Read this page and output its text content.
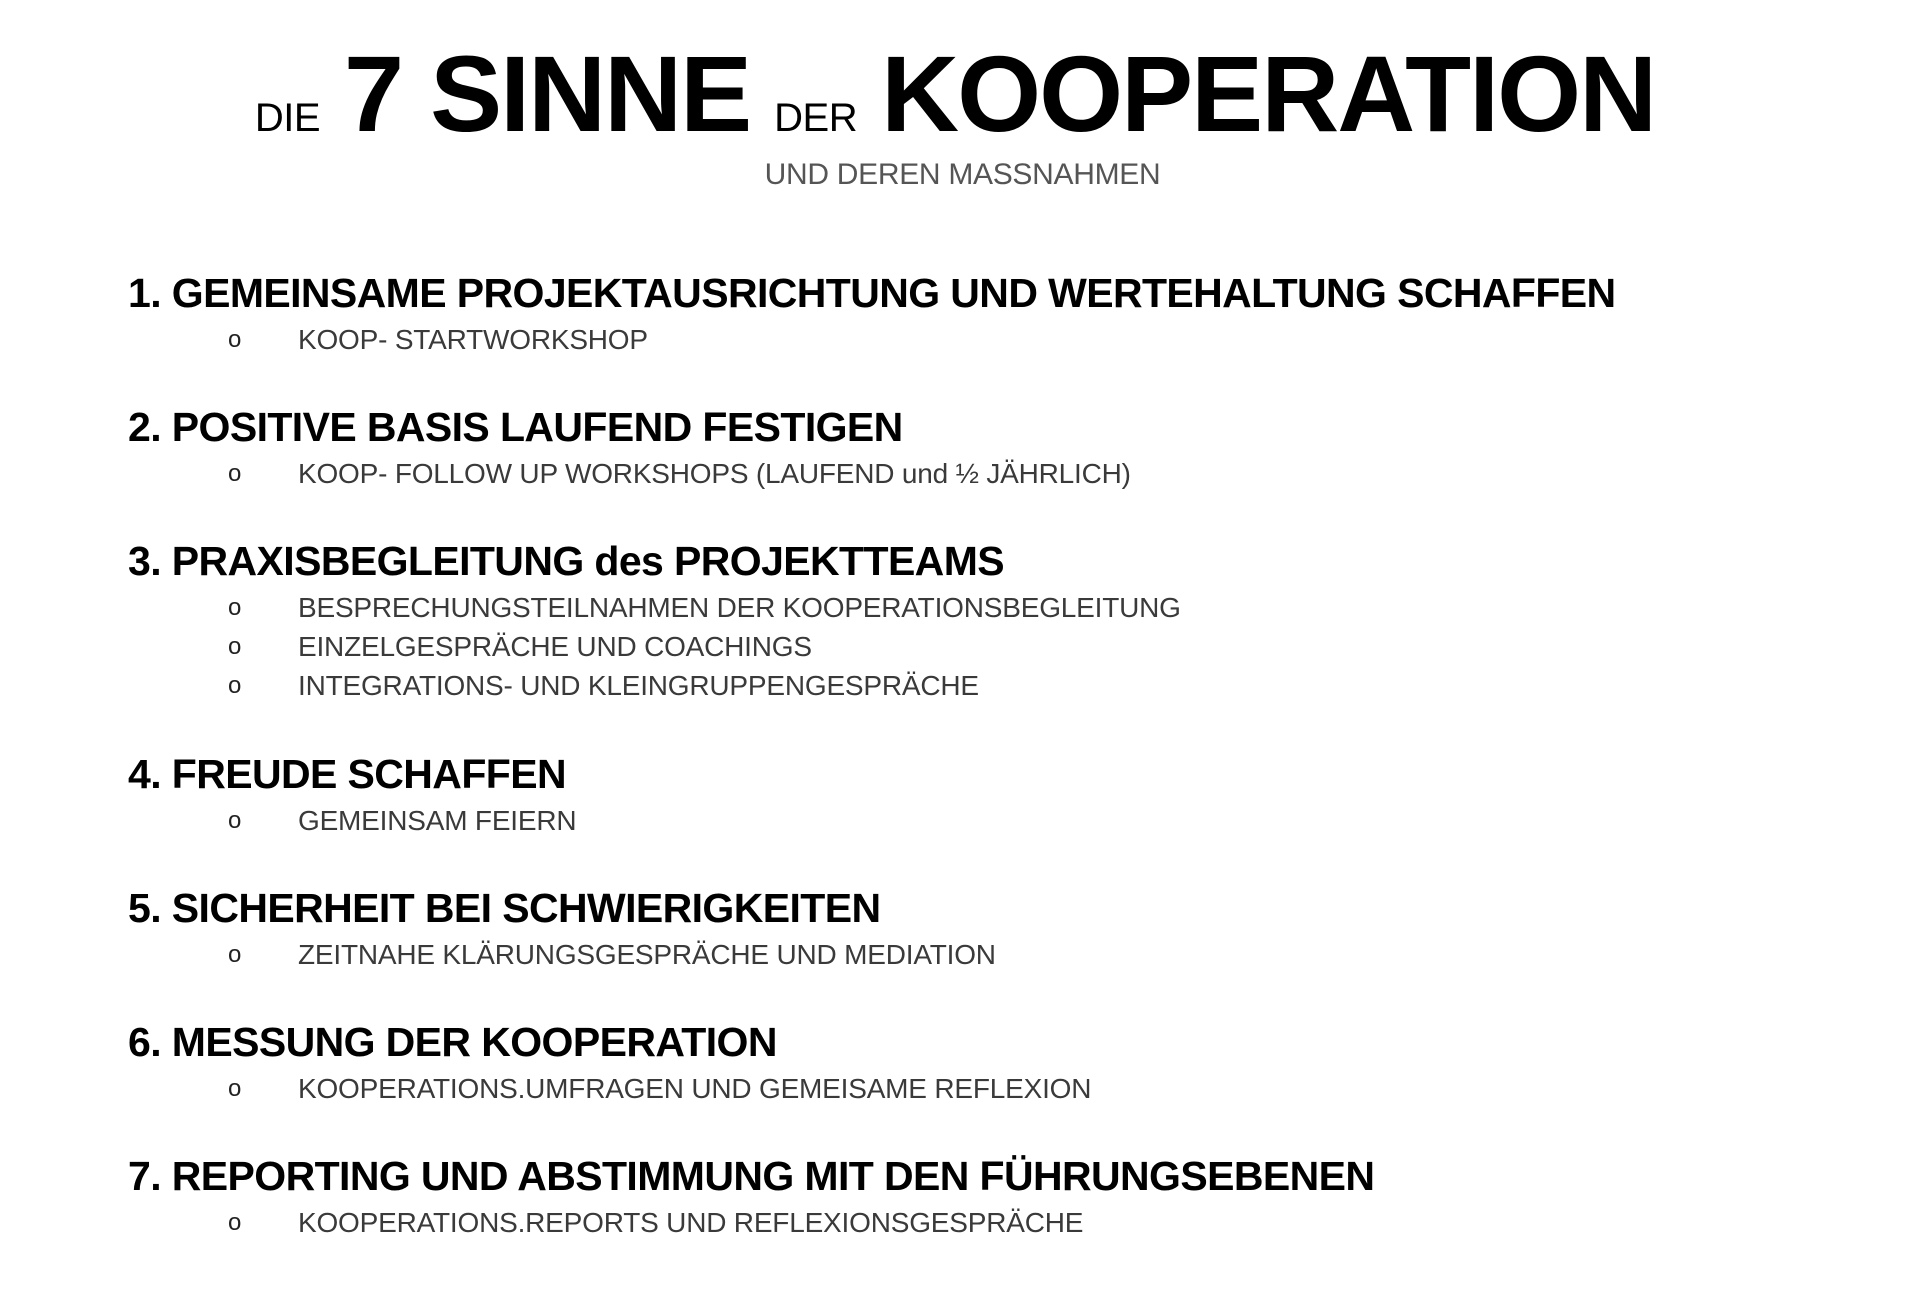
DIE 7 SINNE DER KOOPERATION
UND DEREN MASSNAHMEN
1. GEMEINSAME PROJEKTAUSRICHTUNG UND WERTEHALTUNG SCHAFFEN
o KOOP- STARTWORKSHOP
2. POSITIVE BASIS LAUFEND FESTIGEN
o KOOP- FOLLOW UP WORKSHOPS (LAUFEND und ½ JÄHRLICH)
3. PRAXISBEGLEITUNG des PROJEKTTEAMS
o BESPRECHUNGSTEILNAHMEN DER KOOPERATIONSBEGLEITUNG
o EINZELGESPRÄCHE UND COACHINGS
o INTEGRATIONS- UND KLEINGRUPPENGESPRÄCHE
4. FREUDE SCHAFFEN
o GEMEINSAM FEIERN
5. SICHERHEIT BEI SCHWIERIGKEITEN
o ZEITNAHE KLÄRUNGSGESPRÄCHE UND MEDIATION
6. MESSUNG DER KOOPERATION
o KOOPERATIONS.UMFRAGEN UND GEMEISAME REFLEXION
7. REPORTING UND ABSTIMMUNG MIT DEN FÜHRUNGSEBENEN
o KOOPERATIONS.REPORTS UND REFLEXIONSGESPRÄCHE
